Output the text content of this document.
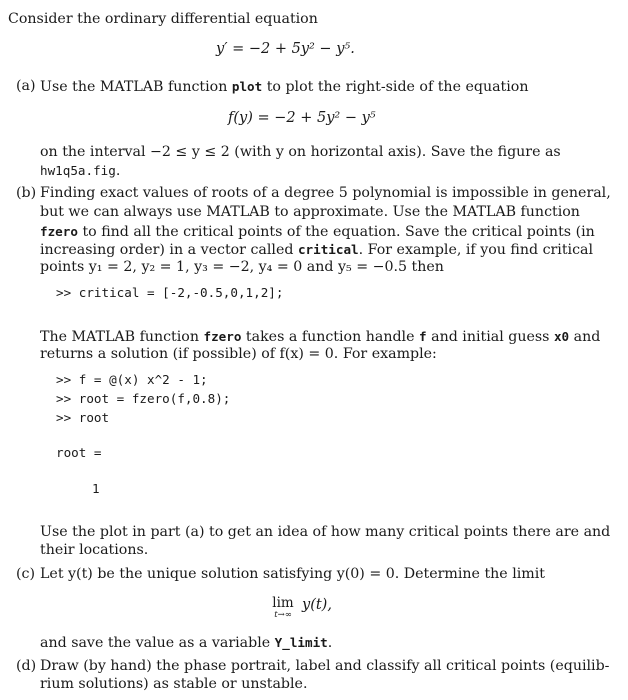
Consider the ordinary differential equation
y′ = −2 + 5y² − y⁵.
(a) Use the MATLAB function plot to plot the right-side of the equation
f(y) = −2 + 5y² − y⁵
on the interval −2 ≤ y ≤ 2 (with y on horizontal axis). Save the figure as
hw1q5a.fig.
(b) Finding exact values of roots of a degree 5 polynomial is impossible in general,
but we can always use MATLAB to approximate. Use the MATLAB function
fzero to find all the critical points of the equation. Save the critical points (in
increasing order) in a vector called critical. For example, if you find critical
points y₁ = 2, y₂ = 1, y₃ = −2, y₄ = 0 and y₅ = −0.5 then
>> critical = [-2,-0.5,0,1,2];
The MATLAB function fzero takes a function handle f and initial guess x0 and
returns a solution (if possible) of f(x) = 0. For example:
>> f = @(x) x^2 - 1;
>> root = fzero(f,0.8);
>> root
root =
1
Use the plot in part (a) to get an idea of how many critical points there are and
their locations.
(c) Let y(t) be the unique solution satisfying y(0) = 0. Determine the limit
lim
t→∞
y(t),
and save the value as a variable Y_limit.
(d) Draw (by hand) the phase portrait, label and classify all critical points (equilib-
rium solutions) as stable or unstable.
